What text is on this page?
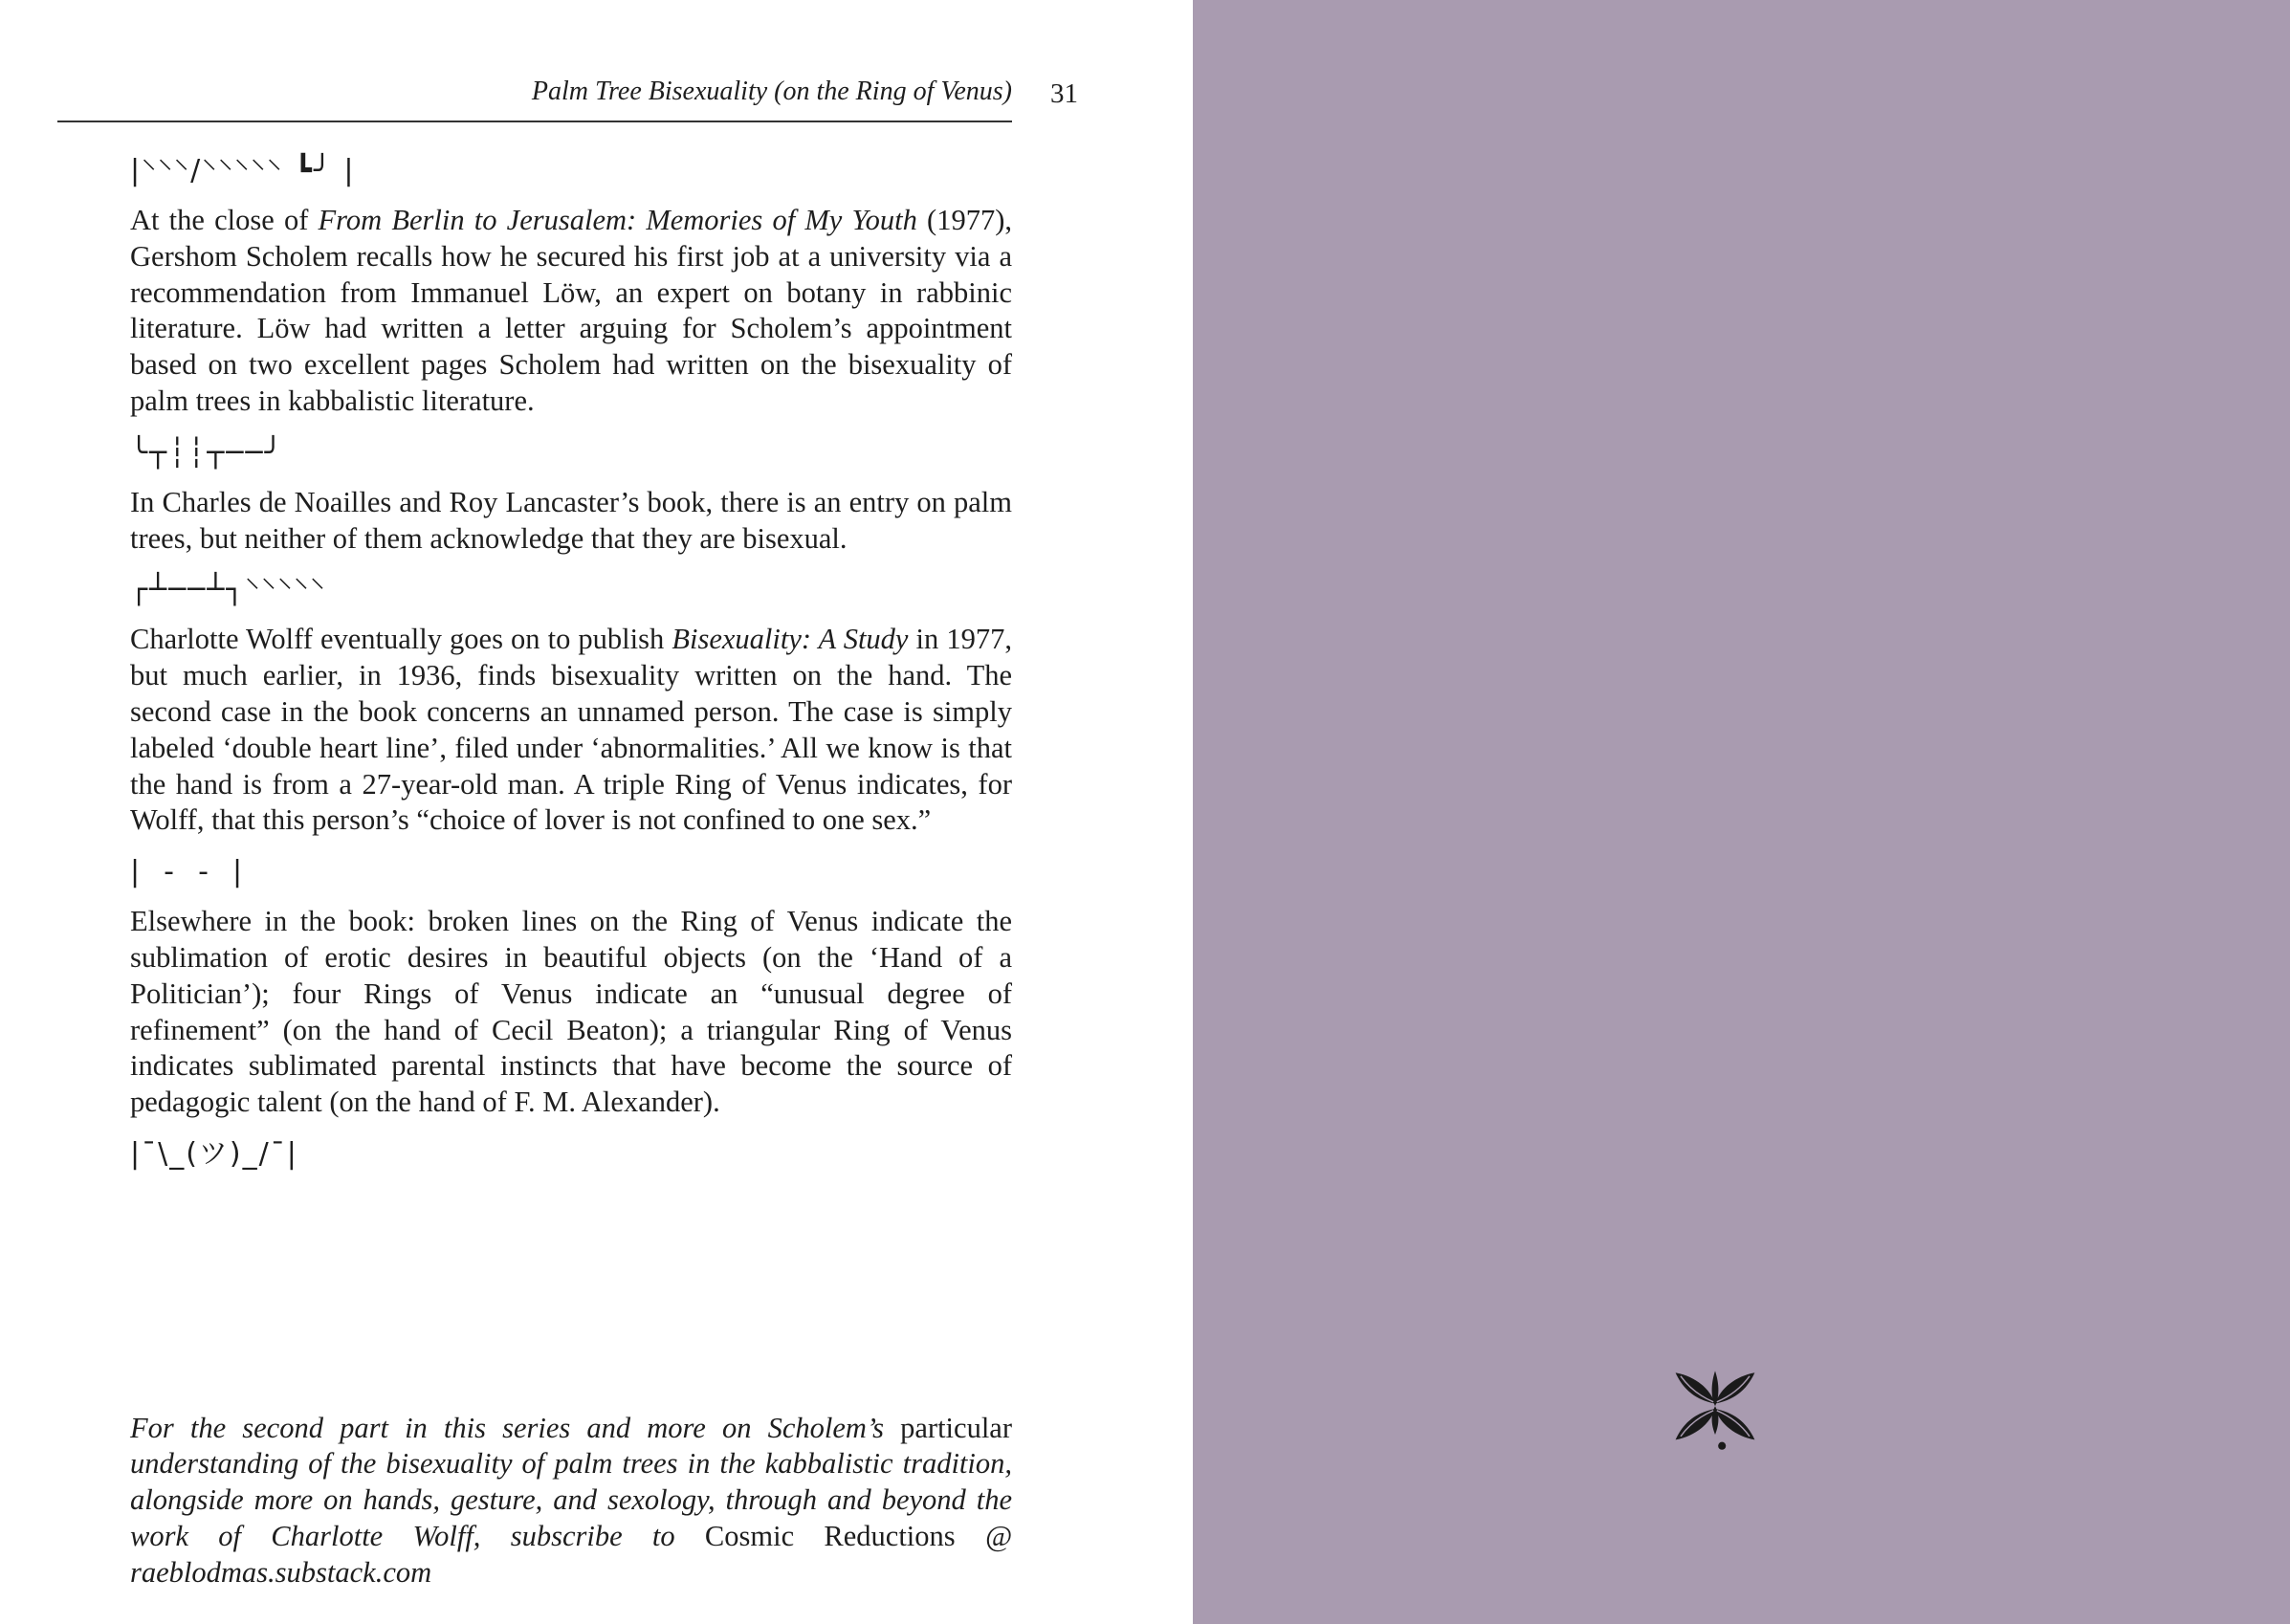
Palm Tree Bisexuality (on the Ring of Venus) 31
|⸌⸌⸌/⸌⸌⸌⸌⸌ ┗╯ |

At the close of From Berlin to Jerusalem: Memories of My Youth (1977), Gershom Scholem recalls how he secured his first job at a university via a recommendation from Immanuel Löw, an expert on botany in rabbinic literature. Löw had written a letter arguing for Scholem’s appointment based on two excellent pages Scholem had written on the bisexuality of palm trees in kabbalistic literature.

╰┬┆┆┬──╯

In Charles de Noailles and Roy Lancaster’s book, there is an entry on palm trees, but neither of them acknowledge that they are bisexual.

┌┴──┴┐⸌⸌⸌⸌⸌

Charlotte Wolff eventually goes on to publish Bisexuality: A Study in 1977, but much earlier, in 1936, finds bisexuality written on the hand. The second case in the book concerns an unnamed person. The case is simply labeled ‘double heart line’, filed under ‘abnormalities.’ All we know is that the hand is from a 27-year-old man. A triple Ring of Venus indicates, for Wolff, that this person’s “choice of lover is not confined to one sex.”

|  -  -  |

Elsewhere in the book: broken lines on the Ring of Venus indicate the sublimation of erotic desires in beautiful objects (on the ‘Hand of a Politician’); four Rings of Venus indicate an “unusual degree of refinement” (on the hand of Cecil Beaton); a triangular Ring of Venus indicates sublimated parental instincts that have become the source of pedagogic talent (on the hand of F. M. Alexander).

|¯\_(ツ)_/¯|

For the second part in this series and more on Scholem’s particular understanding of the bisexuality of palm trees in the kabbalistic tradition, alongside more on hands, gesture, and sexology, through and beyond the work of Charlotte Wolff, subscribe to Cosmic Reductions @ raeblodmas.substack.com
